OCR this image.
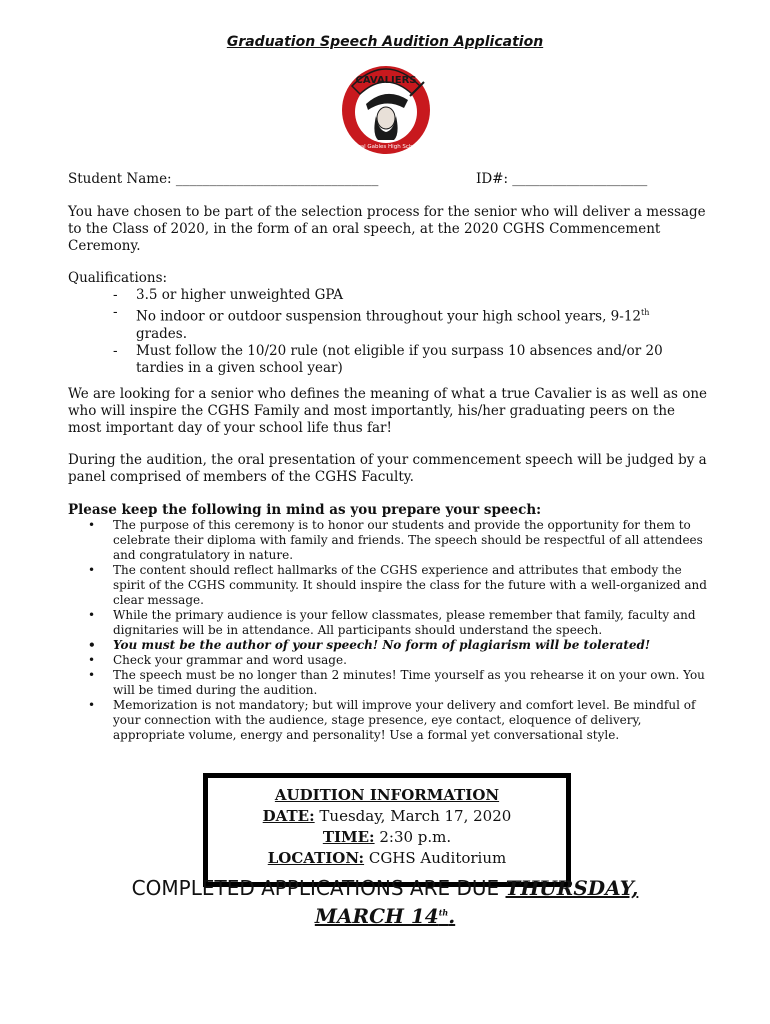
Graduation Speech Audition Application
CAVALIERS
Coral Gables High School
Student Name: ______________________________	ID#: ____________________
You have chosen to be part of the selection process for the senior who will deliver a message to the Class of 2020, in the form of an oral speech, at the 2020 CGHS Commencement Ceremony.
Qualifications:
- 3.5 or higher unweighted GPA
- No indoor or outdoor suspension throughout your high school years, 9-12th
grades.
- Must follow the 10/20 rule (not eligible if you surpass 10 absences and/or 20 tardies in a given school year)
We are looking for a senior who defines the meaning of what a true Cavalier is as well as one who will inspire the CGHS Family and most importantly, his/her graduating peers on the most important day of your school life thus far!
During the audition, the oral presentation of your commencement speech will be judged by a panel comprised of members of the CGHS Faculty.
Please keep the following in mind as you prepare your speech:
• The purpose of this ceremony is to honor our students and provide the opportunity for them to celebrate their diploma with family and friends. The speech should be respectful of all attendees and congratulatory in nature.
• The content should reflect hallmarks of the CGHS experience and attributes that embody the spirit of the CGHS community. It should inspire the class for the future with a well-organized and clear message.
• While the primary audience is your fellow classmates, please remember that family, faculty and dignitaries will be in attendance. All participants should understand the speech.
• You must be the author of your speech! No form of plagiarism will be tolerated!
• Check your grammar and word usage.
• The speech must be no longer than 2 minutes! Time yourself as you rehearse it on your own. You will be timed during the audition.
• Memorization is not mandatory; but will improve your delivery and comfort level. Be mindful of your connection with the audience, stage presence, eye contact, eloquence of delivery, appropriate volume, energy and personality! Use a formal yet conversational style.
AUDITION INFORMATION
DATE: Tuesday, March 17, 2020
TIME: 2:30 p.m.
LOCATION: CGHS Auditorium
COMPLETED APPLICATIONS ARE DUE THURSDAY,
MARCH 14th.
